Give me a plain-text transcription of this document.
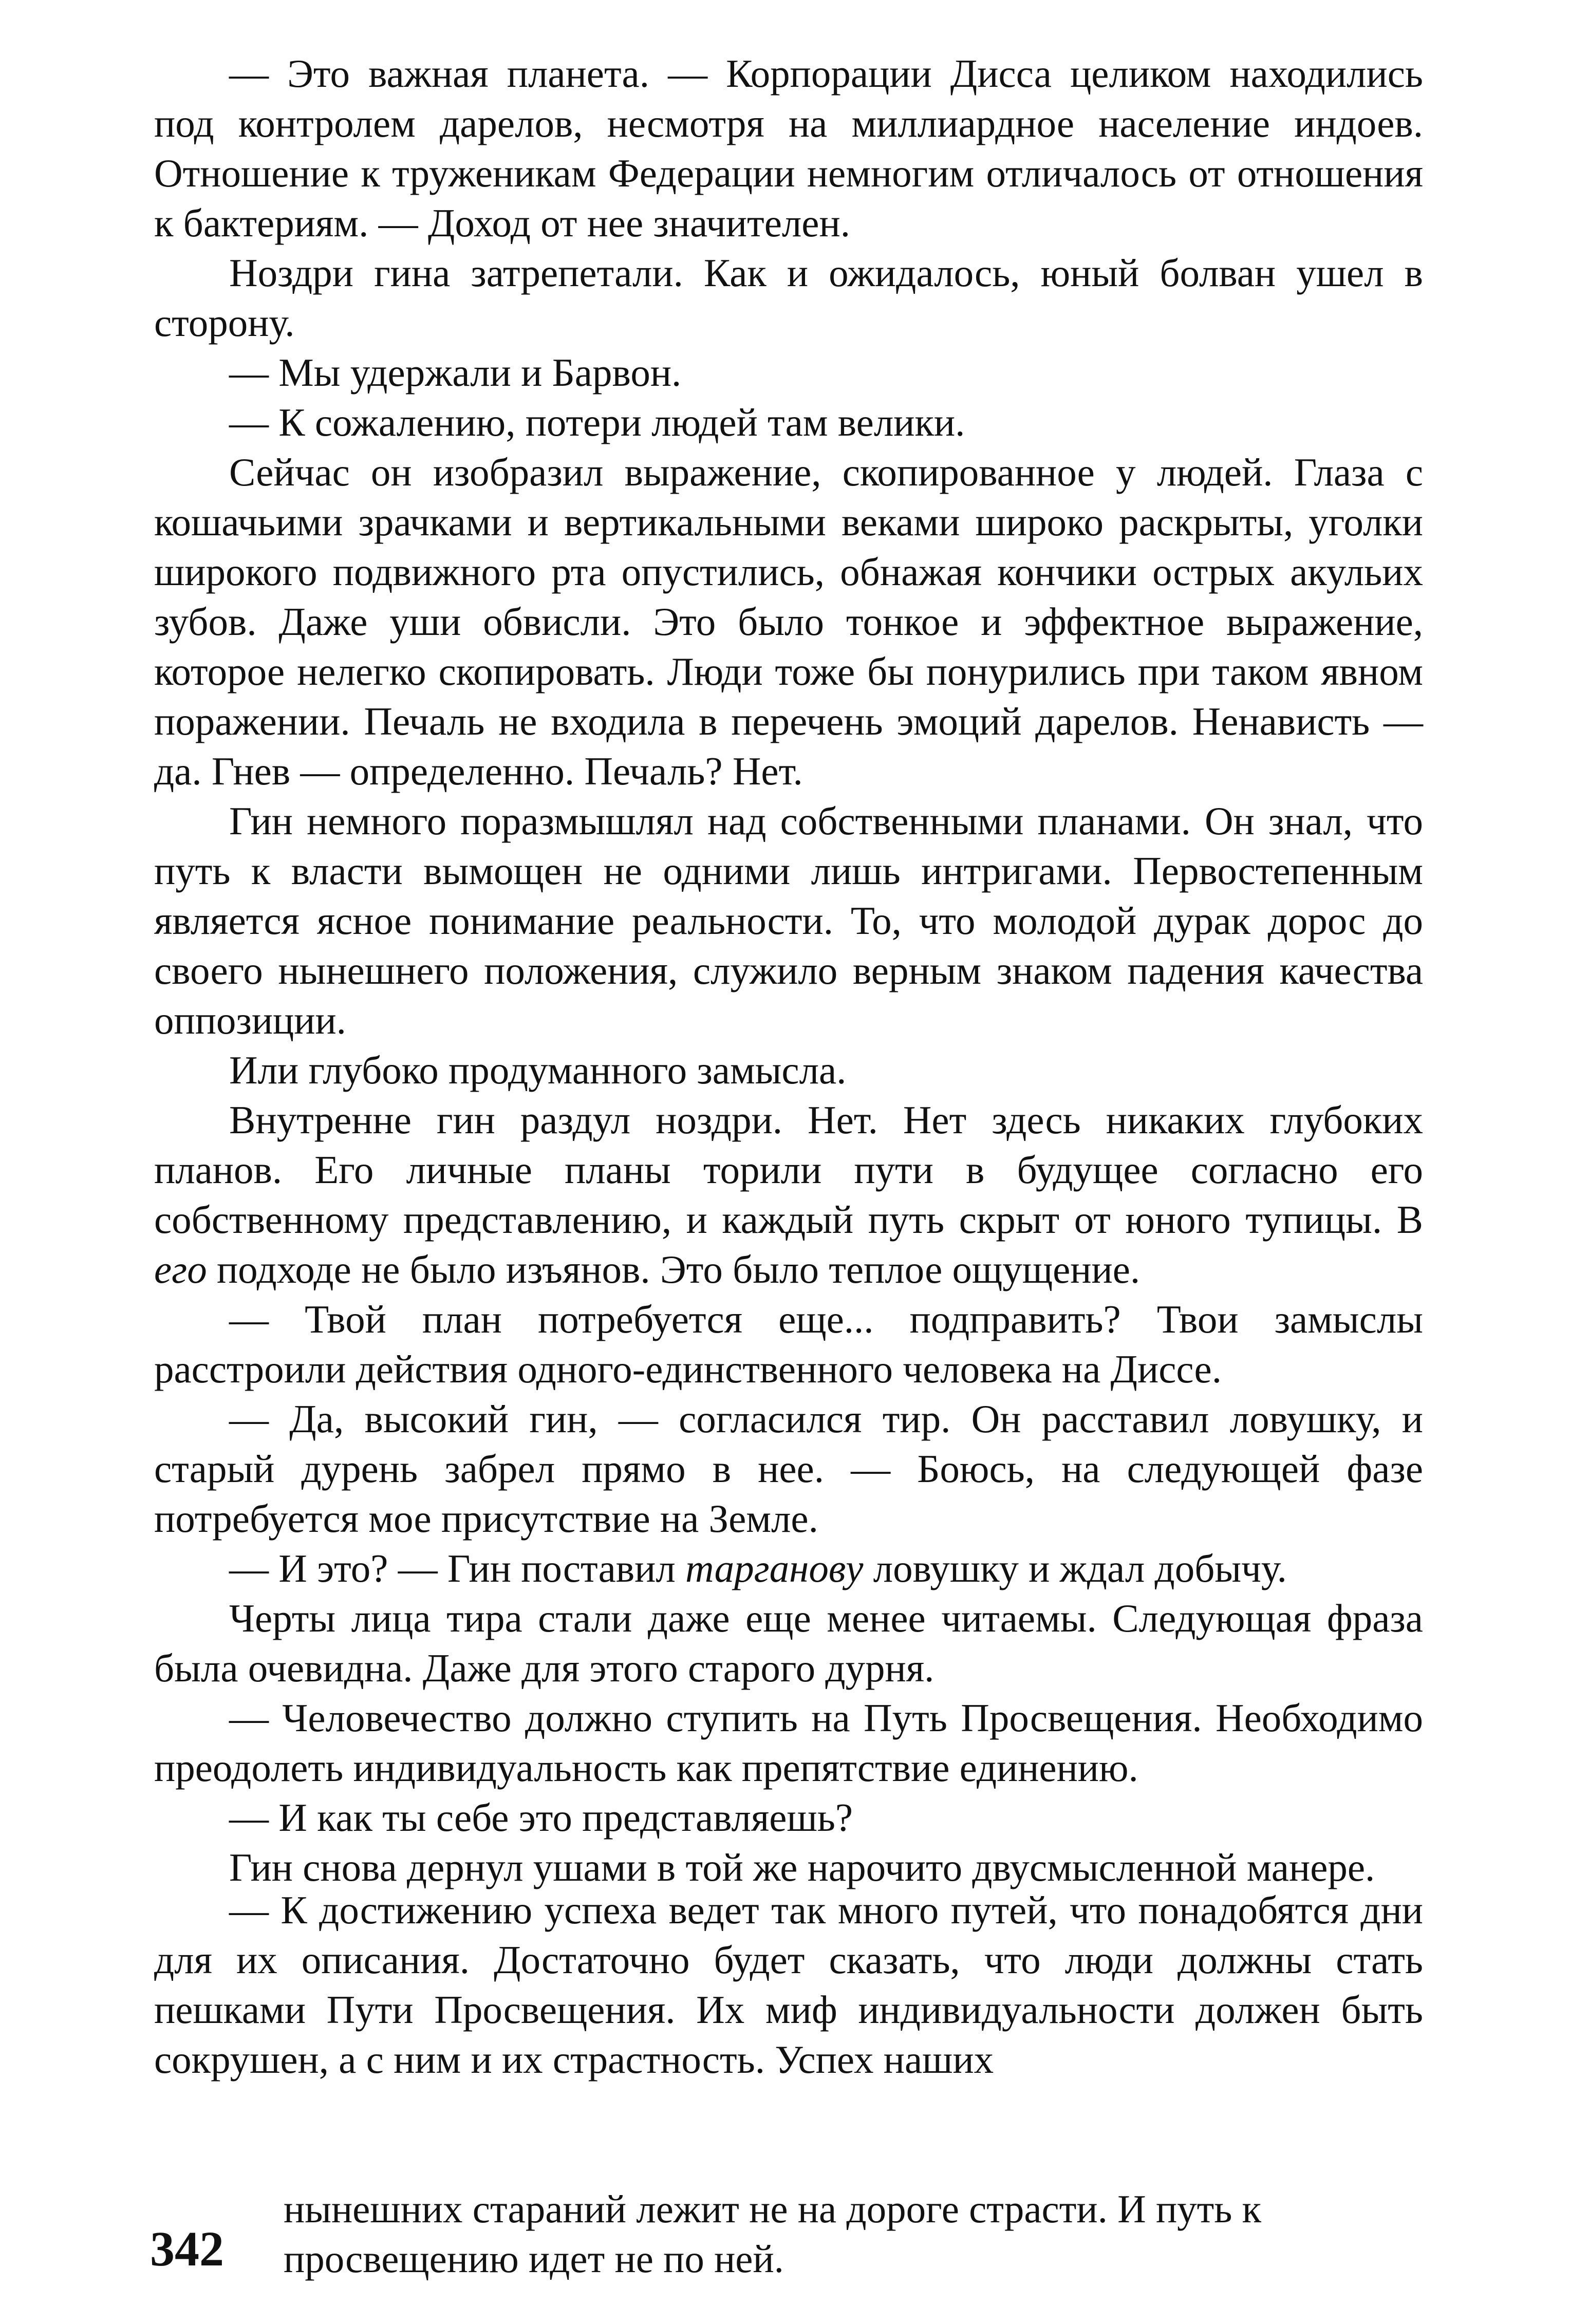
— Это важная планета. — Корпорации Дисса целиком находились под контролем дарелов, несмотря на миллиардное население индоев. Отношение к труженикам Федерации немногим отличалось от отношения к бактериям. — Доход от нее значителен.

Ноздри гина затрепетали. Как и ожидалось, юный болван ушел в сторону.

— Мы удержали и Барвон.

— К сожалению, потери людей там велики.

Сейчас он изобразил выражение, скопированное у людей. Глаза с кошачьими зрачками и вертикальными веками широко раскрыты, уголки широкого подвижного рта опустились, обнажая кончики острых акульих зубов. Даже уши обвисли. Это было тонкое и эффектное выражение, которое нелегко скопировать. Люди тоже бы понурились при таком явном поражении. Печаль не входила в перечень эмоций дарелов. Ненависть — да. Гнев — определенно. Печаль? Нет.

Гин немного поразмышлял над собственными планами. Он знал, что путь к власти вымощен не одними лишь интригами. Первостепенным является ясное понимание реальности. То, что молодой дурак дорос до своего нынешнего положения, служило верным знаком падения качества оппозиции.

Или глубоко продуманного замысла.

Внутренне гин раздул ноздри. Нет. Нет здесь никаких глубоких планов. Его личные планы торили пути в будущее согласно его собственному представлению, и каждый путь скрыт от юного тупицы. В его подходе не было изъянов. Это было теплое ощущение.

— Твой план потребуется еще... подправить? Твои замыслы расстроили действия одного-единственного человека на Диссе.

— Да, высокий гин, — согласился тир. Он расставил ловушку, и старый дурень забрел прямо в нее. — Боюсь, на следующей фазе потребуется мое присутствие на Земле.

— И это? — Гин поставил тарганову ловушку и ждал добычу.

Черты лица тира стали даже еще менее читаемы. Следующая фраза была очевидна. Даже для этого старого дурня.

— Человечество должно ступить на Путь Просвещения. Необходимо преодолеть индивидуальность как препятствие единению.

— И как ты себе это представляешь?

Гин снова дернул ушами в той же нарочито двусмысленной манере.

— К достижению успеха ведет так много путей, что понадобятся дни для их описания. Достаточно будет сказать, что люди должны стать пешками Пути Просвещения. Их миф индивидуальности должен быть сокрушен, а с ним и их страстность. Успех наших

нынешних стараний лежит не на дороге страсти. И путь к
просвещению идет не по ней.
342
